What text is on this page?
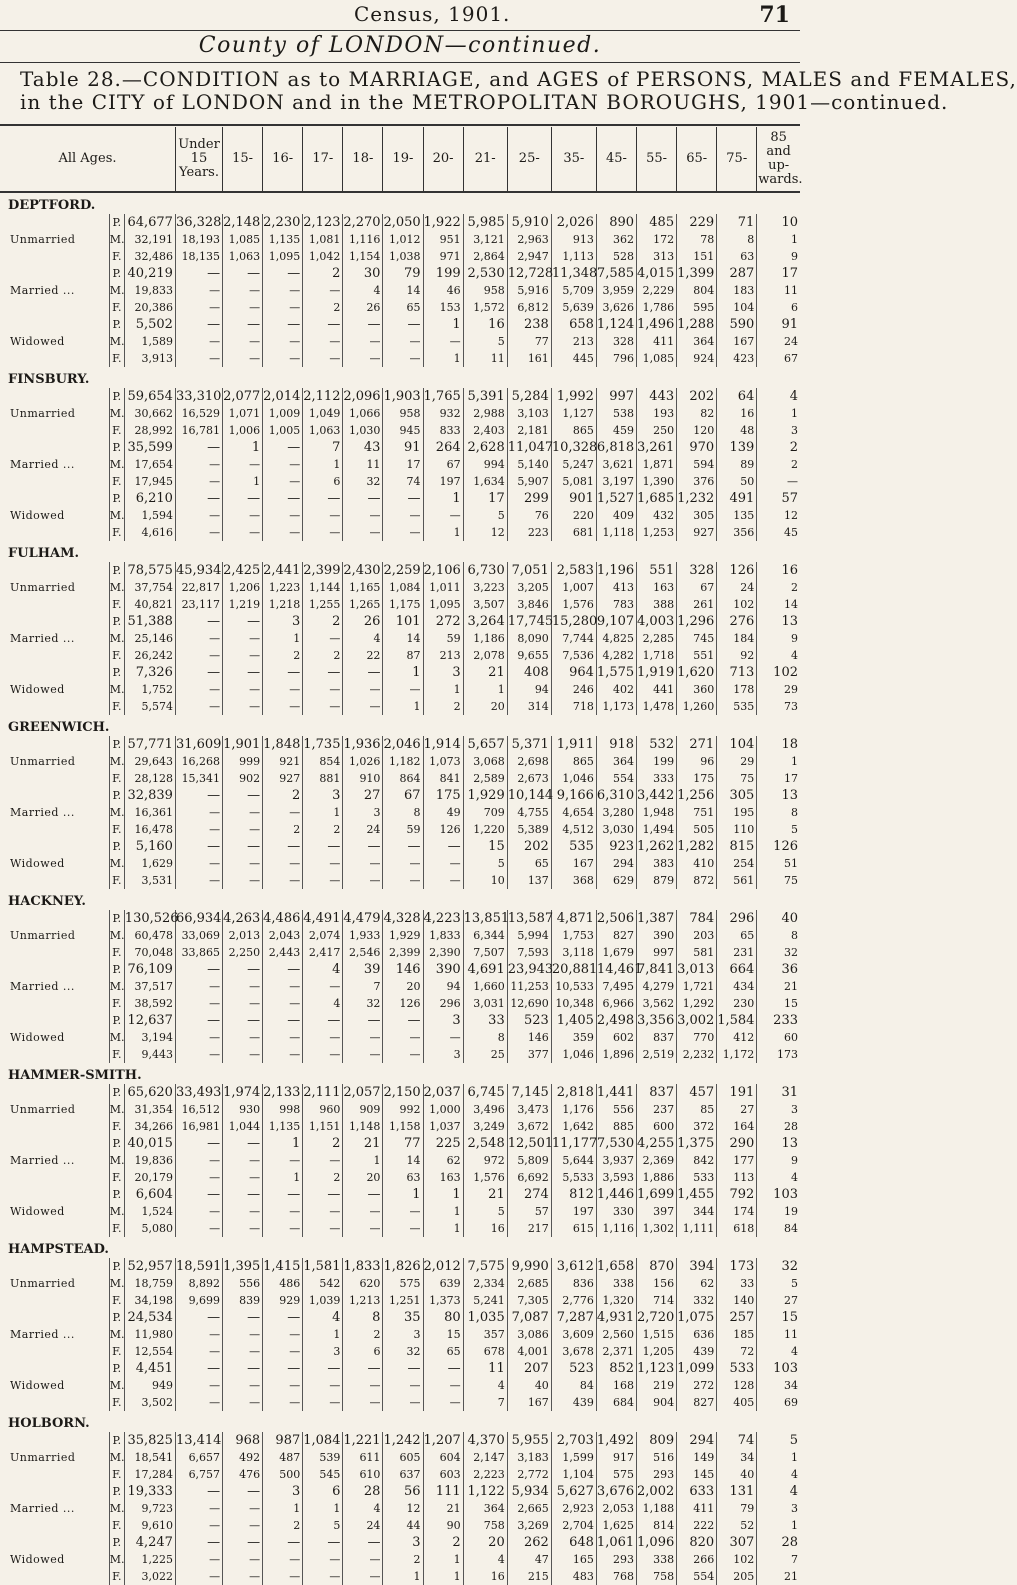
Census, 1901.	71
County of LONDON—continued.
Table 28.—CONDITION as to MARRIAGE, and AGES of PERSONS, MALES and FEMALES,
in the CITY of LONDON and in the METROPOLITAN BOROUGHS, 1901—continued.
All Ages.			Under 15 Years.	15-	16-	17-	18-	19-	20-	21-	25-	35-	45-	55-	65-	75-	85 and up-wards.
DEPTFORD.																	
	P.	64,677	36,328	2,148	2,230	2,123	2,270	2,050	1,922	5,985	5,910	2,026	890	485	229	71	10
Unmarried	M.	32,191	18,193	1,085	1,135	1,081	1,116	1,012	951	3,121	2,963	913	362	172	78	8	1
	F.	32,486	18,135	1,063	1,095	1,042	1,154	1,038	971	2,864	2,947	1,113	528	313	151	63	9
	P.	40,219	—	—	—	2	30	79	199	2,530	12,728	11,348	7,585	4,015	1,399	287	17
Married ...	M.	19,833	—	—	—	—	4	14	46	958	5,916	5,709	3,959	2,229	804	183	11
	F.	20,386	—	—	—	2	26	65	153	1,572	6,812	5,639	3,626	1,786	595	104	6
	P.	5,502	—	—	—	—	—	—	1	16	238	658	1,124	1,496	1,288	590	91
Widowed	M.	1,589	—	—	—	—	—	—	—	5	77	213	328	411	364	167	24
	F.	3,913	—	—	—	—	—	—	1	11	161	445	796	1,085	924	423	67
FINSBURY.																	
	P.	59,654	33,310	2,077	2,014	2,112	2,096	1,903	1,765	5,391	5,284	1,992	997	443	202	64	4
Unmarried	M.	30,662	16,529	1,071	1,009	1,049	1,066	958	932	2,988	3,103	1,127	538	193	82	16	1
	F.	28,992	16,781	1,006	1,005	1,063	1,030	945	833	2,403	2,181	865	459	250	120	48	3
	P.	35,599	—	1	—	7	43	91	264	2,628	11,047	10,328	6,818	3,261	970	139	2
Married ...	M.	17,654	—	—	—	1	11	17	67	994	5,140	5,247	3,621	1,871	594	89	2
	F.	17,945	—	1	—	6	32	74	197	1,634	5,907	5,081	3,197	1,390	376	50	—
	P.	6,210	—	—	—	—	—	—	1	17	299	901	1,527	1,685	1,232	491	57
Widowed	M.	1,594	—	—	—	—	—	—	—	5	76	220	409	432	305	135	12
	F.	4,616	—	—	—	—	—	—	1	12	223	681	1,118	1,253	927	356	45
FULHAM.																	
	P.	78,575	45,934	2,425	2,441	2,399	2,430	2,259	2,106	6,730	7,051	2,583	1,196	551	328	126	16
Unmarried	M.	37,754	22,817	1,206	1,223	1,144	1,165	1,084	1,011	3,223	3,205	1,007	413	163	67	24	2
	F.	40,821	23,117	1,219	1,218	1,255	1,265	1,175	1,095	3,507	3,846	1,576	783	388	261	102	14
	P.	51,388	—	—	3	2	26	101	272	3,264	17,745	15,280	9,107	4,003	1,296	276	13
Married ...	M.	25,146	—	—	1	—	4	14	59	1,186	8,090	7,744	4,825	2,285	745	184	9
	F.	26,242	—	—	2	2	22	87	213	2,078	9,655	7,536	4,282	1,718	551	92	4
	P.	7,326	—	—	—	—	—	1	3	21	408	964	1,575	1,919	1,620	713	102
Widowed	M.	1,752	—	—	—	—	—	—	1	1	94	246	402	441	360	178	29
	F.	5,574	—	—	—	—	—	1	2	20	314	718	1,173	1,478	1,260	535	73
GREENWICH.																	
	P.	57,771	31,609	1,901	1,848	1,735	1,936	2,046	1,914	5,657	5,371	1,911	918	532	271	104	18
Unmarried	M.	29,643	16,268	999	921	854	1,026	1,182	1,073	3,068	2,698	865	364	199	96	29	1
	F.	28,128	15,341	902	927	881	910	864	841	2,589	2,673	1,046	554	333	175	75	17
	P.	32,839	—	—	2	3	27	67	175	1,929	10,144	9,166	6,310	3,442	1,256	305	13
Married ...	M.	16,361	—	—	—	1	3	8	49	709	4,755	4,654	3,280	1,948	751	195	8
	F.	16,478	—	—	2	2	24	59	126	1,220	5,389	4,512	3,030	1,494	505	110	5
	P.	5,160	—	—	—	—	—	—	—	15	202	535	923	1,262	1,282	815	126
Widowed	M.	1,629	—	—	—	—	—	—	—	5	65	167	294	383	410	254	51
	F.	3,531	—	—	—	—	—	—	—	10	137	368	629	879	872	561	75
HACKNEY.																	
	P.	130,526	66,934	4,263	4,486	4,491	4,479	4,328	4,223	13,851	13,587	4,871	2,506	1,387	784	296	40
Unmarried	M.	60,478	33,069	2,013	2,043	2,074	1,933	1,929	1,833	6,344	5,994	1,753	827	390	203	65	8
	F.	70,048	33,865	2,250	2,443	2,417	2,546	2,399	2,390	7,507	7,593	3,118	1,679	997	581	231	32
	P.	76,109	—	—	—	4	39	146	390	4,691	23,943	20,881	14,461	7,841	3,013	664	36
Married ...	M.	37,517	—	—	—	—	7	20	94	1,660	11,253	10,533	7,495	4,279	1,721	434	21
	F.	38,592	—	—	—	4	32	126	296	3,031	12,690	10,348	6,966	3,562	1,292	230	15
	P.	12,637	—	—	—	—	—	—	3	33	523	1,405	2,498	3,356	3,002	1,584	233
Widowed	M.	3,194	—	—	—	—	—	—	—	8	146	359	602	837	770	412	60
	F.	9,443	—	—	—	—	—	—	3	25	377	1,046	1,896	2,519	2,232	1,172	173
HAMMER-SMITH.																	
	P.	65,620	33,493	1,974	2,133	2,111	2,057	2,150	2,037	6,745	7,145	2,818	1,441	837	457	191	31
Unmarried	M.	31,354	16,512	930	998	960	909	992	1,000	3,496	3,473	1,176	556	237	85	27	3
	F.	34,266	16,981	1,044	1,135	1,151	1,148	1,158	1,037	3,249	3,672	1,642	885	600	372	164	28
	P.	40,015	—	—	1	2	21	77	225	2,548	12,501	11,177	7,530	4,255	1,375	290	13
Married ...	M.	19,836	—	—	—	—	1	14	62	972	5,809	5,644	3,937	2,369	842	177	9
	F.	20,179	—	—	1	2	20	63	163	1,576	6,692	5,533	3,593	1,886	533	113	4
	P.	6,604	—	—	—	—	—	1	1	21	274	812	1,446	1,699	1,455	792	103
Widowed	M.	1,524	—	—	—	—	—	—	1	5	57	197	330	397	344	174	19
	F.	5,080	—	—	—	—	—	—	1	16	217	615	1,116	1,302	1,111	618	84
HAMPSTEAD.																	
	P.	52,957	18,591	1,395	1,415	1,581	1,833	1,826	2,012	7,575	9,990	3,612	1,658	870	394	173	32
Unmarried	M.	18,759	8,892	556	486	542	620	575	639	2,334	2,685	836	338	156	62	33	5
	F.	34,198	9,699	839	929	1,039	1,213	1,251	1,373	5,241	7,305	2,776	1,320	714	332	140	27
	P.	24,534	—	—	—	4	8	35	80	1,035	7,087	7,287	4,931	2,720	1,075	257	15
Married ...	M.	11,980	—	—	—	1	2	3	15	357	3,086	3,609	2,560	1,515	636	185	11
	F.	12,554	—	—	—	3	6	32	65	678	4,001	3,678	2,371	1,205	439	72	4
	P.	4,451	—	—	—	—	—	—	—	11	207	523	852	1,123	1,099	533	103
Widowed	M.	949	—	—	—	—	—	—	—	4	40	84	168	219	272	128	34
	F.	3,502	—	—	—	—	—	—	—	7	167	439	684	904	827	405	69
HOLBORN.																	
	P.	35,825	13,414	968	987	1,084	1,221	1,242	1,207	4,370	5,955	2,703	1,492	809	294	74	5
Unmarried	M.	18,541	6,657	492	487	539	611	605	604	2,147	3,183	1,599	917	516	149	34	1
	F.	17,284	6,757	476	500	545	610	637	603	2,223	2,772	1,104	575	293	145	40	4
	P.	19,333	—	—	3	6	28	56	111	1,122	5,934	5,627	3,676	2,002	633	131	4
Married ...	M.	9,723	—	—	1	1	4	12	21	364	2,665	2,923	2,053	1,188	411	79	3
	F.	9,610	—	—	2	5	24	44	90	758	3,269	2,704	1,625	814	222	52	1
	P.	4,247	—	—	—	—	—	3	2	20	262	648	1,061	1,096	820	307	28
Widowed	M.	1,225	—	—	—	—	—	2	1	4	47	165	293	338	266	102	7
	F.	3,022	—	—	—	—	—	1	1	16	215	483	768	758	554	205	21
